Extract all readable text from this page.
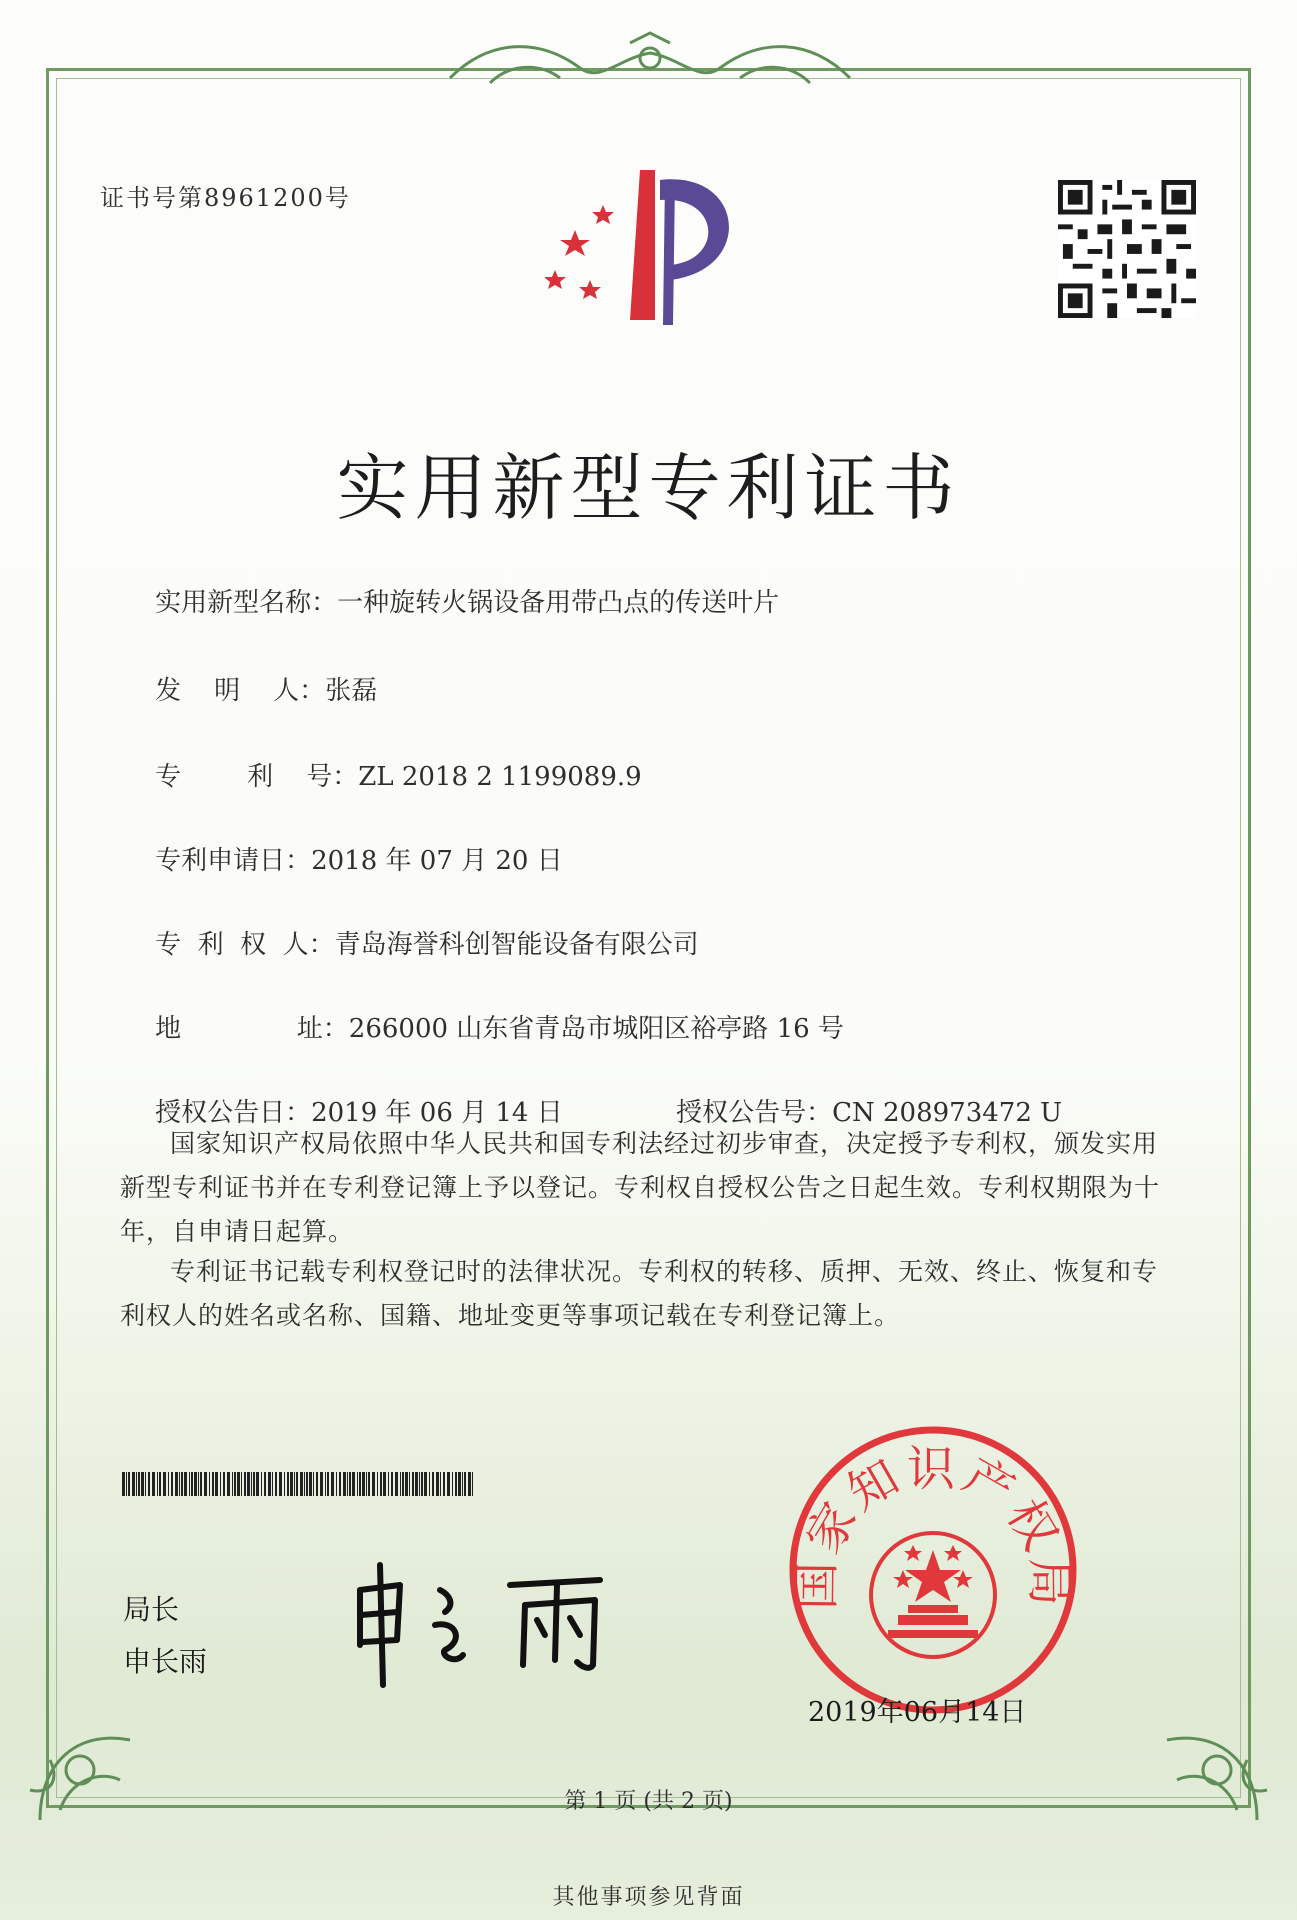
证书号第8961200号
实用新型专利证书

实用新型名称：一种旋转火锅设备用带凸点的传送叶片

发    明    人：张磊

专        利    号：ZL 2018 2 1199089.9

专利申请日：2018 年 07 月 20 日

专  利  权  人：青岛海誉科创智能设备有限公司

地              址：266000 山东省青岛市城阳区裕亭路 16 号

授权公告日：2019 年 06 月 14 日
	授权公告号：CN 208973472 U

国家知识产权局依照中华人民共和国专利法经过初步审查，决定授予专利权，颁发实用新型专利证书并在专利登记簿上予以登记。专利权自授权公告之日起生效。专利权期限为十年，自申请日起算。
专利证书记载专利权登记时的法律状况。专利权的转移、质押、无效、终止、恢复和专利权人的姓名或名称、国籍、地址变更等事项记载在专利登记簿上。
局长
申长雨
国家知识产权局
2019年06月14日
第 1 页 (共 2 页)
其他事项参见背面
